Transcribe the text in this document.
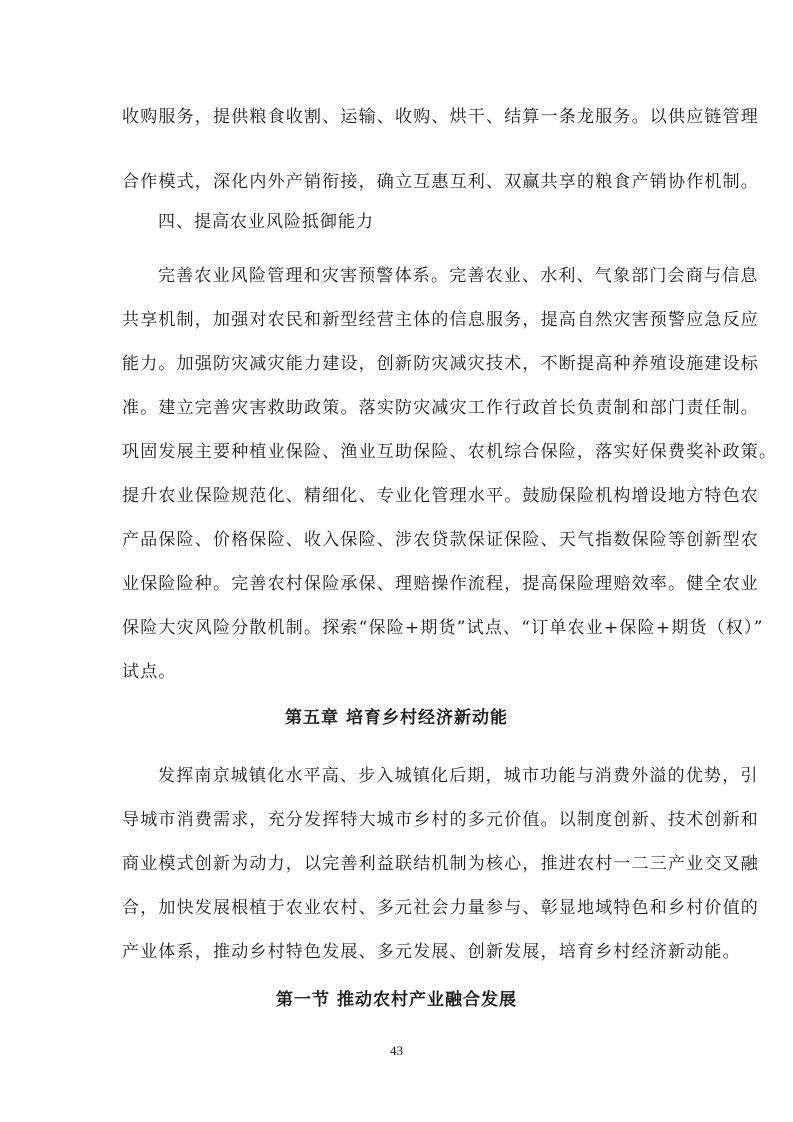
收购服务，提供粮食收割、运输、收购、烘干、结算一条龙服务。以供应链管理
合作模式，深化内外产销衔接，确立互惠互利、双赢共享的粮食产销协作机制。
四、提高农业风险抵御能力
完善农业风险管理和灾害预警体系。完善农业、水利、气象部门会商与信息
共享机制，加强对农民和新型经营主体的信息服务，提高自然灾害预警应急反应
能力。加强防灾减灾能力建设，创新防灾减灾技术，不断提高种养殖设施建设标
准。建立完善灾害救助政策。落实防灾减灾工作行政首长负责制和部门责任制。
巩固发展主要种植业保险、渔业互助保险、农机综合保险，落实好保费奖补政策。
提升农业保险规范化、精细化、专业化管理水平。鼓励保险机构增设地方特色农
产品保险、价格保险、收入保险、涉农贷款保证保险、天气指数保险等创新型农
业保险险种。完善农村保险承保、理赔操作流程，提高保险理赔效率。健全农业
保险大灾风险分散机制。探索“保险+期货”试点、“订单农业+保险+期货（权）”
试点。
第五章 培育乡村经济新动能
发挥南京城镇化水平高、步入城镇化后期，城市功能与消费外溢的优势，引
导城市消费需求，充分发挥特大城市乡村的多元价值。以制度创新、技术创新和
商业模式创新为动力，以完善利益联结机制为核心，推进农村一二三产业交叉融
合，加快发展根植于农业农村、多元社会力量参与、彰显地域特色和乡村价值的
产业体系，推动乡村特色发展、多元发展、创新发展，培育乡村经济新动能。
第一节 推动农村产业融合发展
43
